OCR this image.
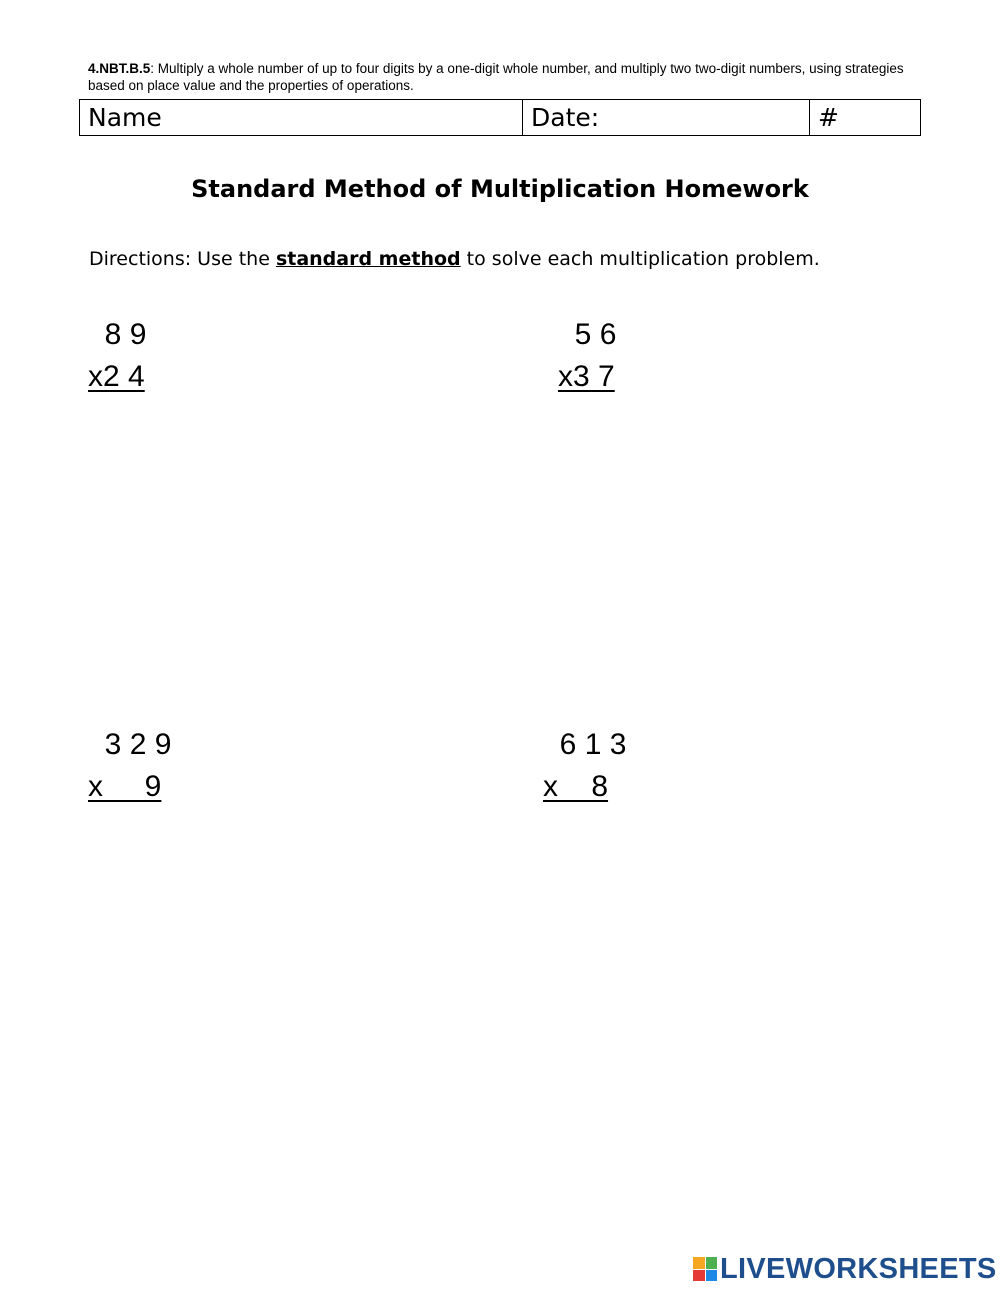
4.NBT.B.5: Multiply a whole number of up to four digits by a one-digit whole number, and multiply two two-digit numbers, using strategies based on place value and the properties of operations.
Name	Date:	#
Standard Method of Multiplication Homework
Directions: Use the standard method to solve each multiplication problem.
8 9
x2 4
5 6
x3 7
3 2 9
x     9
6 1 3
x    8
LIVEWORKSHEETS
